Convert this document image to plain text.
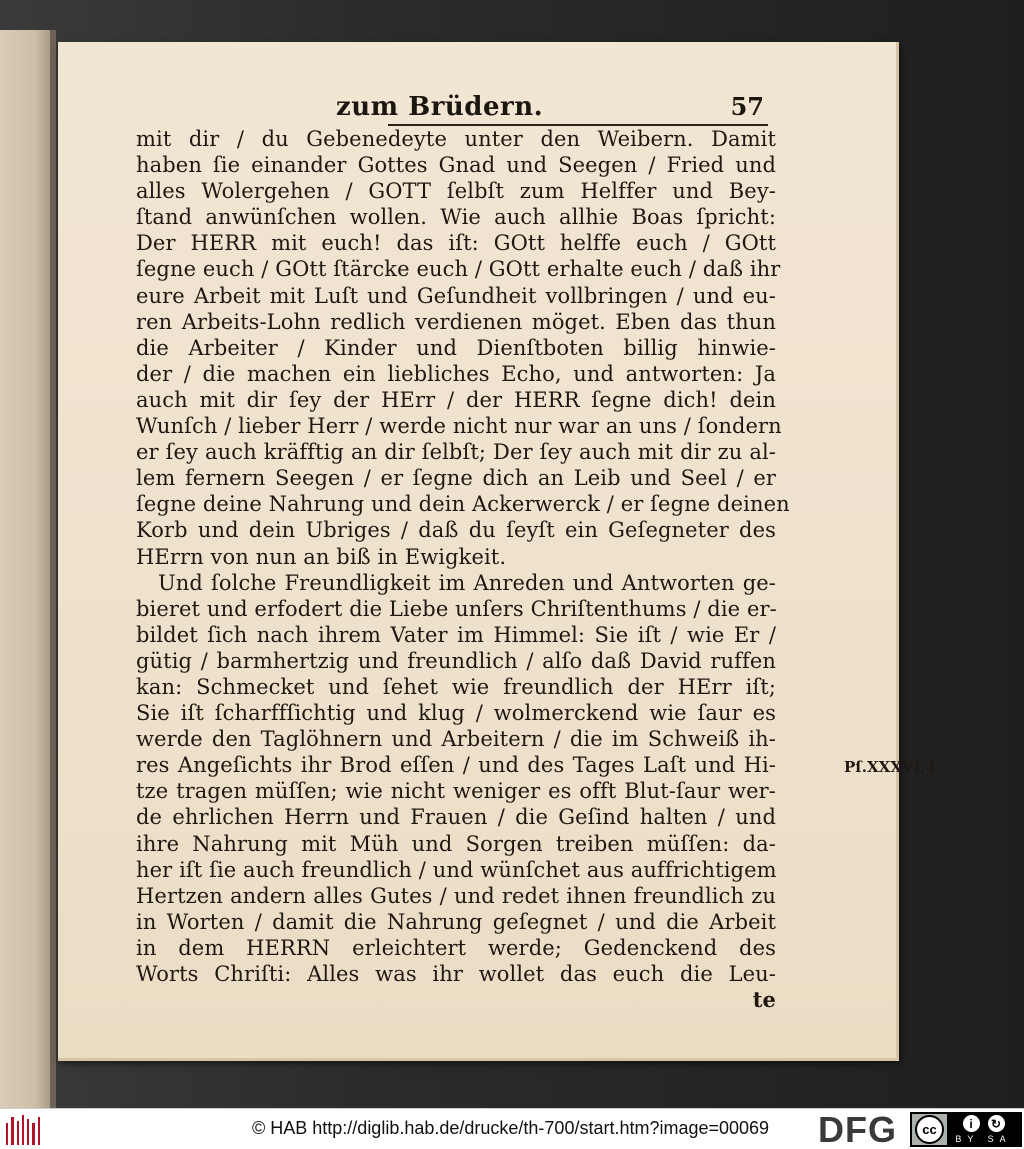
zum Brüdern.	57
mit dir / du Gebenedeyte unter den Weibern. Damit
haben ſie einander Gottes Gnad und Seegen / Fried und
alles Wolergehen / GOTT ſelbſt zum Helffer und Bey-
ſtand anwünſchen wollen. Wie auch allhie Boas ſpricht:
Der HERR mit euch! das iſt: GOtt helffe euch / GOtt
ſegne euch / GOtt ſtärcke euch / GOtt erhalte euch / daß ihr
eure Arbeit mit Luſt und Geſundheit vollbringen / und eu-
ren Arbeits-Lohn redlich verdienen möget. Eben das thun
die Arbeiter / Kinder und Dienſtboten billig hinwie-
der / die machen ein liebliches Echo, und antworten: Ja
auch mit dir ſey der HErr / der HERR ſegne dich! dein
Wunſch / lieber Herr / werde nicht nur war an uns / ſondern
er ſey auch kräfftig an dir ſelbſt; Der ſey auch mit dir zu al-
lem fernern Seegen / er ſegne dich an Leib und Seel / er
ſegne deine Nahrung und dein Ackerwerck / er ſegne deinen
Korb und dein Ubriges / daß du ſeyſt ein Geſegneter des
HErrn von nun an biß in Ewigkeit.
Und ſolche Freundligkeit im Anreden und Antworten ge-
bieret und erfodert die Liebe unſers Chriſtenthums / die er-
bildet ſich nach ihrem Vater im Himmel: Sie iſt / wie Er /
gütig / barmhertzig und freundlich / alſo daß David ruffen
kan: Schmecket und ſehet wie freundlich der HErr iſt;
Sie iſt ſcharffſichtig und klug / wolmerckend wie ſaur es
werde den Taglöhnern und Arbeitern / die im Schweiß ih-
res Angeſichts ihr Brod eſſen / und des Tages Laſt und Hi-
tze tragen müſſen; wie nicht weniger es offt Blut-ſaur wer-
de ehrlichen Herrn und Frauen / die Geſind halten / und
ihre Nahrung mit Müh und Sorgen treiben müſſen: da-
her iſt ſie auch freundlich / und wünſchet aus auffrichtigem
Hertzen andern alles Gutes / und redet ihnen freundlich zu
in Worten / damit die Nahrung geſegnet / und die Arbeit
in dem HERRN erleichtert werde; Gedenckend des
Worts Chriſti: Alles was ihr wollet das euch die Leu-
te
Pſ.XXXVI,4.
© HAB http://diglib.hab.de/drucke/th-700/start.htm?image=00069 DFG	cc	i	↻
BY SA
